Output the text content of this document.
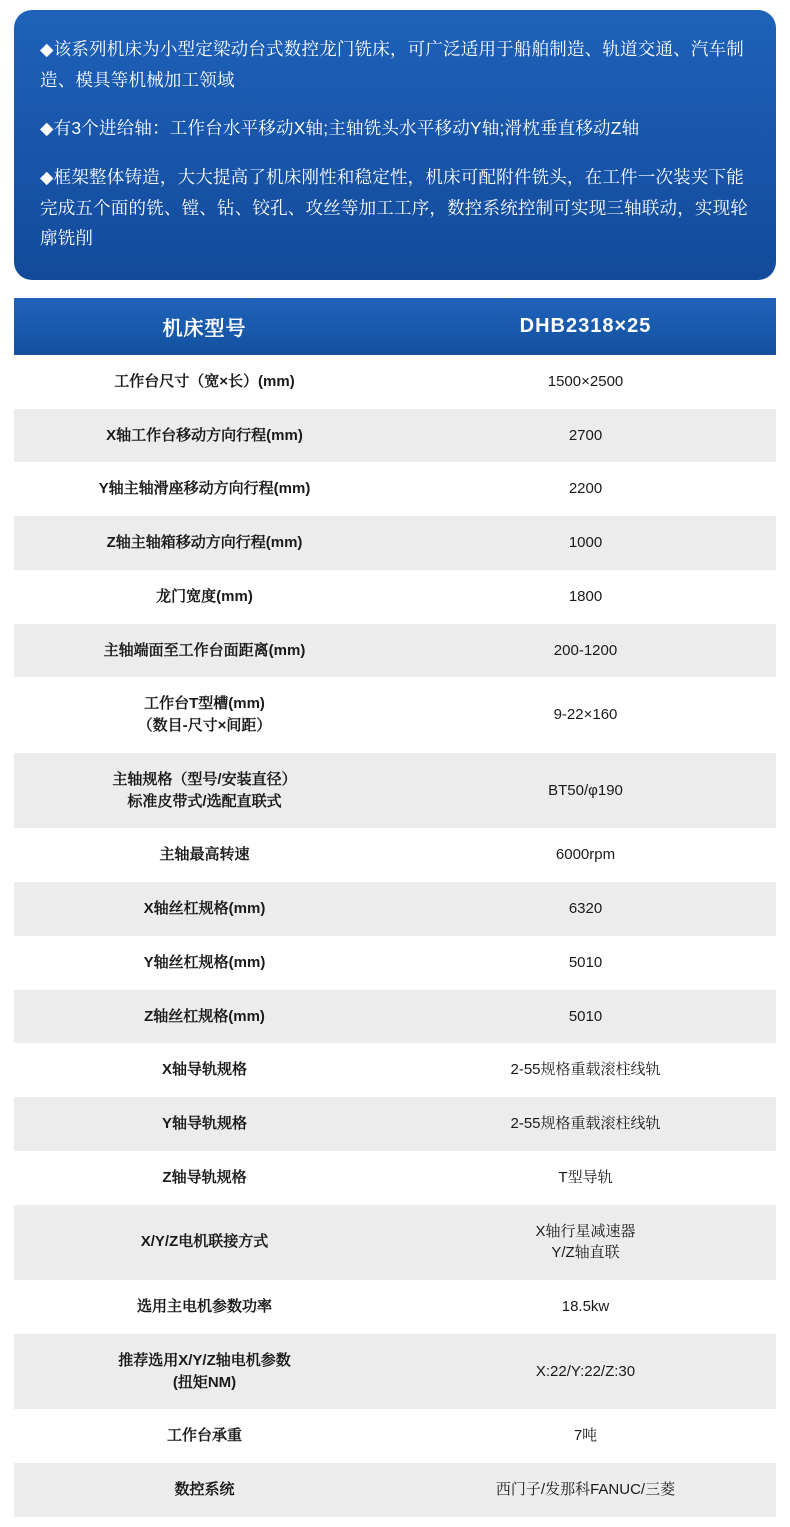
◆该系列机床为小型定梁动台式数控龙门铣床，可广泛适用于船舶制造、轨道交通、汽车制造、模具等机械加工领域

◆有3个进给轴：工作台水平移动X轴;主轴铣头水平移动Y轴;滑枕垂直移动Z轴

◆框架整体铸造，大大提高了机床刚性和稳定性，机床可配附件铣头，在工件一次装夹下能完成五个面的铣、镗、钻、铰孔、攻丝等加工工序，数控系统控制可实现三轴联动，实现轮廓铣削

机床型号	DHB2318×25
工作台尺寸（宽×长）(mm)	1500×2500
X轴工作台移动方向行程(mm)	2700
Y轴主轴滑座移动方向行程(mm)	2200
Z轴主轴箱移动方向行程(mm)	1000
龙门宽度(mm)	1800
主轴端面至工作台面距离(mm)	200-1200

工作台T型槽(mm)
（数目-尺寸×间距）	9-22×160

主轴规格（型号/安装直径）
标准皮带式/选配直联式	BT50/φ190
主轴最高转速	6000rpm
X轴丝杠规格(mm)	6320
Y轴丝杠规格(mm)	5010
Z轴丝杠规格(mm)	5010
X轴导轨规格	2-55规格重载滚柱线轨
Y轴导轨规格	2-55规格重载滚柱线轨
Z轴导轨规格	T型导轨
X/Y/Z电机联接方式	X轴行星减速器
Y/Z轴直联

选用主电机参数功率	18.5kw

推荐选用X/Y/Z轴电机参数
(扭矩NM)	X:22/Y:22/Z:30
工作台承重	7吨
数控系统	西门子/发那科FANUC/三菱
